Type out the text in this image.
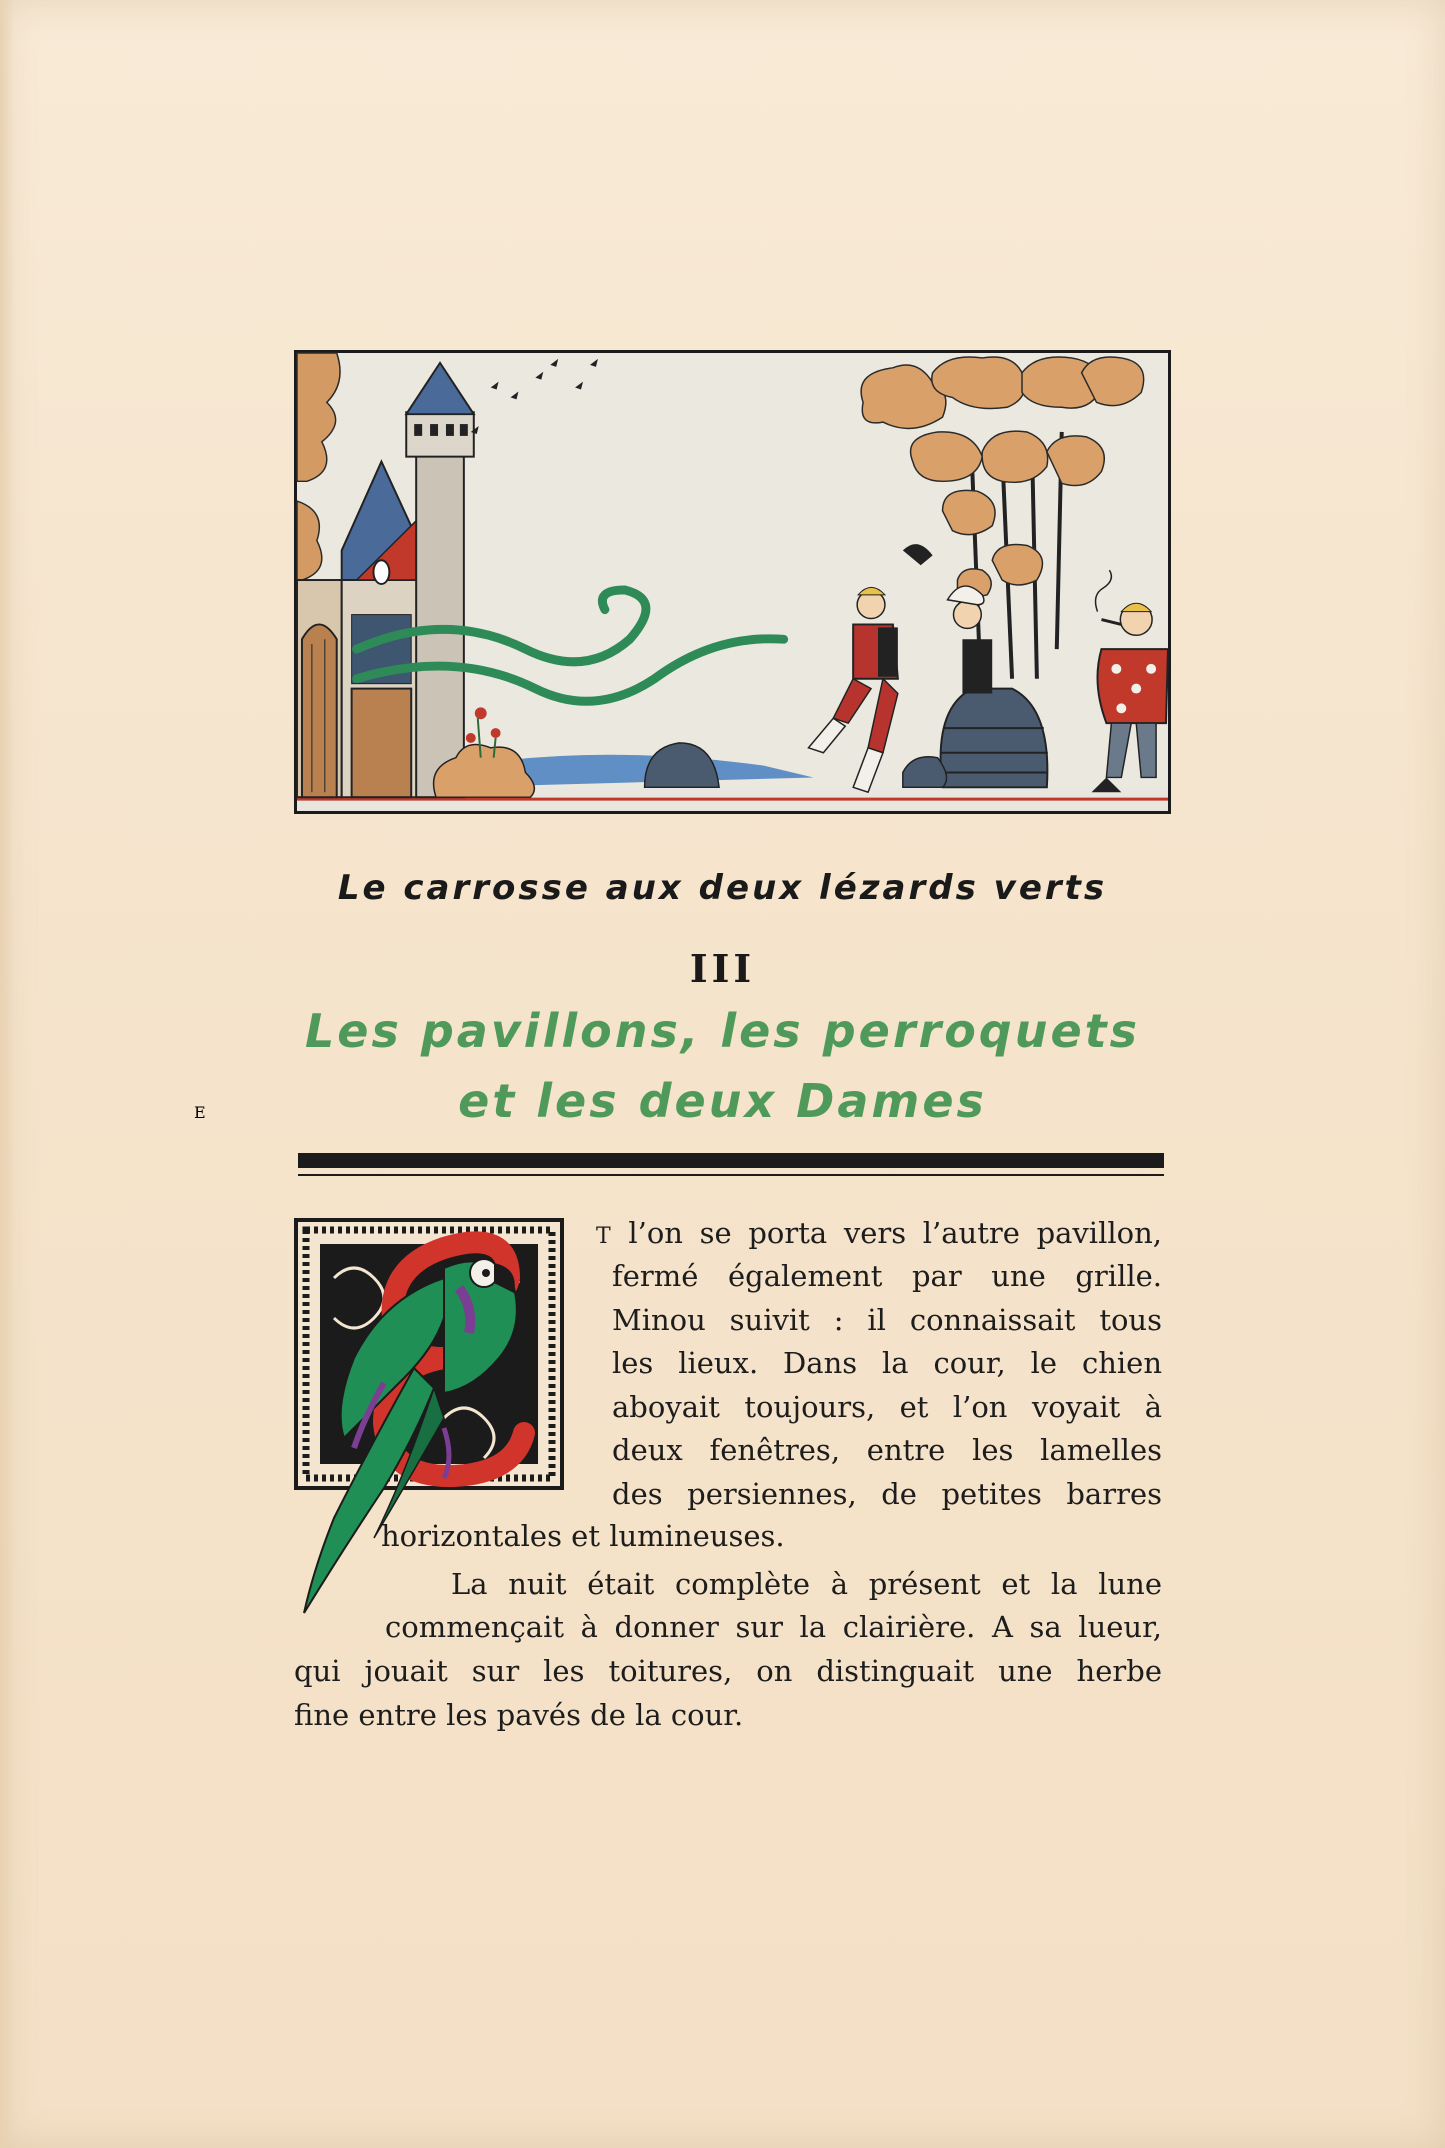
Le carrosse aux deux lézards verts
III
Les pavillons, les perroquets
et les deux Dames
E
T l’on se porta vers l’autre pavillon,
fermé également par une grille.
Minou suivit : il connaissait tous
les lieux. Dans la cour, le chien
aboyait toujours, et l’on voyait à
deux fenêtres, entre les lamelles
des persiennes, de petites barres
horizontales et lumineuses.
La nuit était complète à présent et la lune
commençait à donner sur la clairière. A sa lueur,
qui jouait sur les toitures, on distinguait une herbe
fine entre les pavés de la cour.
